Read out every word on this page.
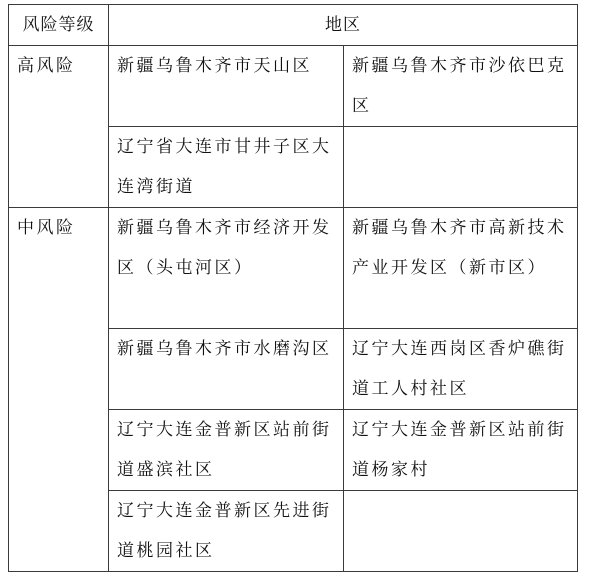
风险等级	地区	
高风险	新疆乌鲁木齐市天山区	新疆乌鲁木齐市沙依巴克区
	辽宁省大连市甘井子区大连湾街道	
中风险	新疆乌鲁木齐市经济开发区（头屯河区）	新疆乌鲁木齐市高新技术产业开发区（新市区）
	新疆乌鲁木齐市水磨沟区	辽宁大连西岗区香炉礁街道工人村社区
	辽宁大连金普新区站前街道盛滨社区	辽宁大连金普新区站前街道杨家村
	辽宁大连金普新区先进街道桃园社区	
